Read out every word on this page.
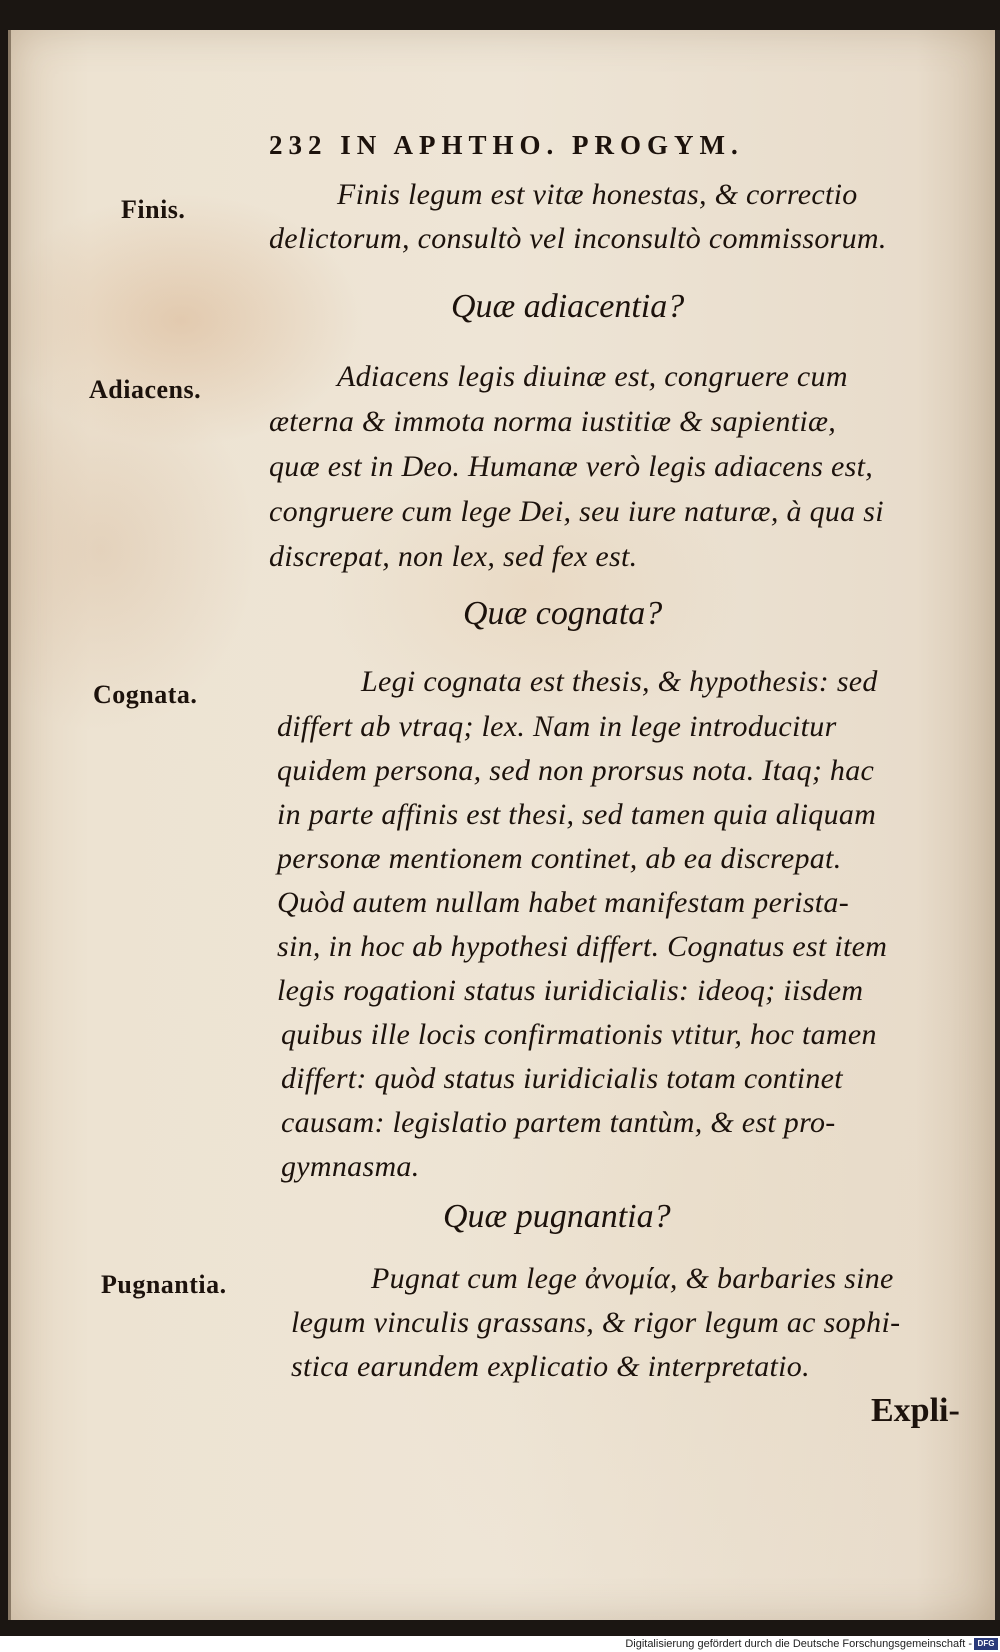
232 IN APHTHO. PROGYM.
Finis.
Adiacens.
Cognata.
Pugnantia.
Finis legum est vitæ honestas, & correctio
delictorum, consultò vel inconsultò commissorum.
Quæ adiacentia?
Adiacens legis diuinæ est, congruere cum
æterna & immota norma iustitiæ & sapientiæ,
quæ est in Deo. Humanæ verò legis adiacens est,
congruere cum lege Dei, seu iure naturæ, à qua si
discrepat, non lex, sed fex est.
Quæ cognata?
Legi cognata est thesis, & hypothesis: sed
differt ab vtraq; lex. Nam in lege introducitur
quidem persona, sed non prorsus nota. Itaq; hac
in parte affinis est thesi, sed tamen quia aliquam
personæ mentionem continet, ab ea discrepat.
Quòd autem nullam habet manifestam perista-
sin, in hoc ab hypothesi differt. Cognatus est item
legis rogationi status iuridicialis: ideoq; iisdem
quibus ille locis confirmationis vtitur, hoc tamen
differt: quòd status iuridicialis totam continet
causam: legislatio partem tantùm, & est pro-
gymnasma.
Quæ pugnantia?
Pugnat cum lege ἀνομία, & barbaries sine
legum vinculis grassans, & rigor legum ac sophi-
stica earundem explicatio & interpretatio.
Expli-
Digitalisierung gefördert durch die Deutsche Forschungsgemeinschaft - DFG
